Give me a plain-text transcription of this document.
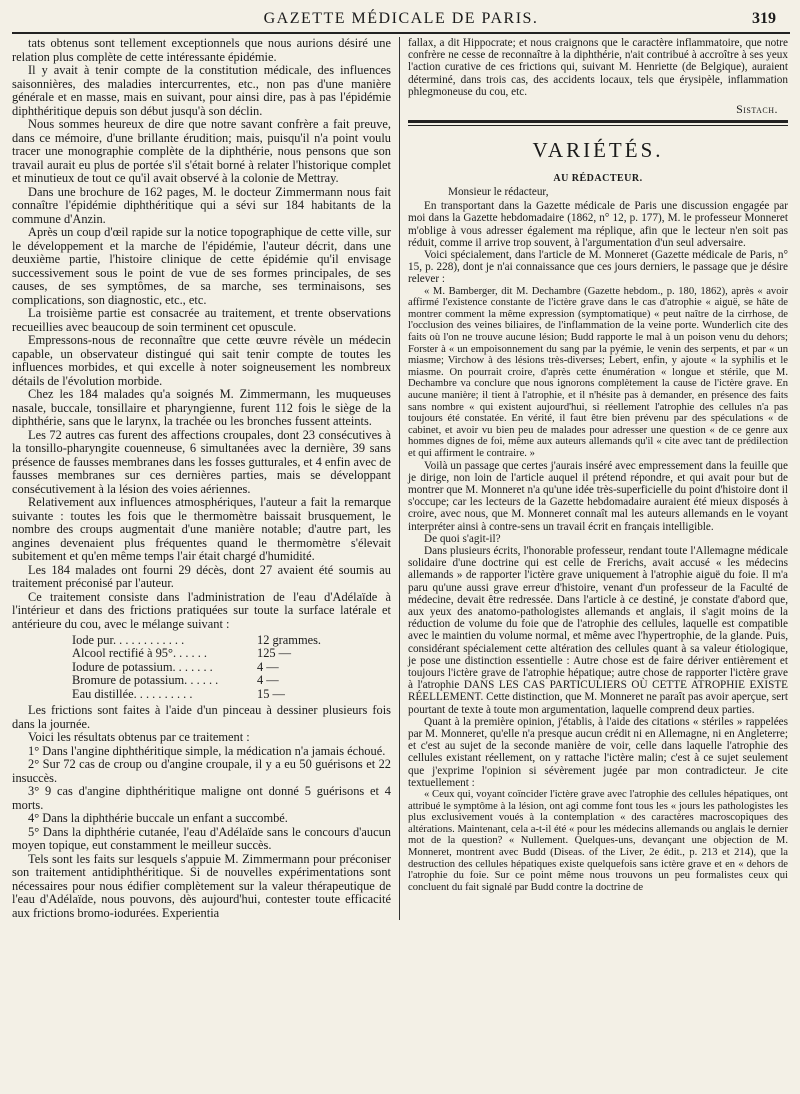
GAZETTE MÉDICALE DE PARIS.	319

tats obtenus sont tellement exceptionnels que nous aurions désiré une relation plus complète de cette intéressante épidémie.

Il y avait à tenir compte de la constitution médicale, des influences saisonnières, des maladies intercurrentes, etc., non pas d'une manière générale et en masse, mais en suivant, pour ainsi dire, pas à pas l'épidémie diphthéritique depuis son début jusqu'à son déclin.

Nous sommes heureux de dire que notre savant confrère a fait preuve, dans ce mémoire, d'une brillante érudition; mais, puisqu'il n'a point voulu tracer une monographie complète de la diphthérie, nous pensons que son travail aurait eu plus de portée s'il s'était borné à relater l'historique complet et minutieux de tout ce qu'il avait observé à la colonie de Mettray.

Dans une brochure de 162 pages, M. le docteur Zimmermann nous fait connaître l'épidémie diphthéritique qui a sévi sur 184 habitants de la commune d'Anzin.

Après un coup d'œil rapide sur la notice topographique de cette ville, sur le développement et la marche de l'épidémie, l'auteur décrit, dans une deuxième partie, l'histoire clinique de cette épidémie qu'il envisage successivement sous le point de vue de ses formes principales, de ses causes, de ses symptômes, de sa marche, ses terminaisons, ses complications, son diagnostic, etc., etc.

La troisième partie est consacrée au traitement, et trente observations recueillies avec beaucoup de soin terminent cet opuscule.

Empressons-nous de reconnaître que cette œuvre révèle un médecin capable, un observateur distingué qui sait tenir compte de toutes les influences morbides, et qui excelle à noter soigneusement les nombreux détails de l'évolution morbide.

Chez les 184 malades qu'a soignés M. Zimmermann, les muqueuses nasale, buccale, tonsillaire et pharyngienne, furent 112 fois le siège de la diphthérie, sans que le larynx, la trachée ou les bronches fussent atteints.

Les 72 autres cas furent des affections croupales, dont 23 consécutives à la tonsillo-pharyngite couenneuse, 6 simultanées avec la dernière, 39 sans présence de fausses membranes dans les fosses gutturales, et 4 enfin avec de fausses membranes sur ces dernières parties, mais se développant consécutivement à la lésion des voies aériennes.

Relativement aux influences atmosphériques, l'auteur a fait la remarque suivante : toutes les fois que le thermomètre baissait brusquement, le nombre des croups augmentait d'une manière notable; d'autre part, les angines devenaient plus fréquentes quand le thermomètre s'élevait subitement et qu'en même temps l'air était chargé d'humidité.

Les 184 malades ont fourni 29 décès, dont 27 avaient été soumis au traitement préconisé par l'auteur.

Ce traitement consiste dans l'administration de l'eau d'Adélaïde à l'intérieur et dans des frictions pratiquées sur toute la surface latérale et antérieure du cou, avec le mélange suivant :

Iode pur. . . . . . . . . . . .	12 grammes.
Alcool rectifié à 95°. . . . . .	125 —
Iodure de potassium. . . . . . .	4 —
Bromure de potassium. . . . . .	4 —
Eau distillée. . . . . . . . . .	15 —

Les frictions sont faites à l'aide d'un pinceau à dessiner plusieurs fois dans la journée.

Voici les résultats obtenus par ce traitement :

1° Dans l'angine diphthéritique simple, la médication n'a jamais échoué.

2° Sur 72 cas de croup ou d'angine croupale, il y a eu 50 guérisons et 22 insuccès.

3° 9 cas d'angine diphthéritique maligne ont donné 5 guérisons et 4 morts.

4° Dans la diphthérie buccale un enfant a succombé.

5° Dans la diphthérie cutanée, l'eau d'Adélaïde sans le concours d'aucun moyen topique, eut constamment le meilleur succès.

Tels sont les faits sur lesquels s'appuie M. Zimmermann pour préconiser son traitement antidiphthéritique. Si de nouvelles expérimentations sont nécessaires pour nous édifier complètement sur la valeur thérapeutique de l'eau d'Adélaïde, nous pouvons, dès aujourd'hui, contester toute efficacité aux frictions bromo-iodurées. Experientia

fallax, a dit Hippocrate; et nous craignons que le caractère inflammatoire, que notre confrère ne cesse de reconnaître à la diphthérie, n'ait contribué à accroître à ses yeux l'action curative de ces frictions qui, suivant M. Henriette (de Belgique), auraient déterminé, dans trois cas, des accidents locaux, tels que érysipèle, inflammation phlegmoneuse du cou, etc.

Sistach.
VARIÉTÉS.
AU RÉDACTEUR.

Monsieur le rédacteur,

En transportant dans la Gazette médicale de Paris une discussion engagée par moi dans la Gazette hebdomadaire (1862, n° 12, p. 177), M. le professeur Monneret m'oblige à vous adresser également ma réplique, afin que le lecteur n'en soit pas réduit, comme il arrive trop souvent, à l'argumentation d'un seul adversaire.

Voici spécialement, dans l'article de M. Monneret (Gazette médicale de Paris, n° 15, p. 228), dont je n'ai connaissance que ces jours derniers, le passage que je désire relever :

« M. Bamberger, dit M. Dechambre (Gazette hebdom., p. 180, 1862), après « avoir affirmé l'existence constante de l'ictère grave dans le cas d'atrophie « aiguë, se hâte de montrer comment la même expression (symptomatique) « peut naître de la cirrhose, de l'occlusion des veines biliaires, de l'inflammation de la veine porte. Wunderlich cite des faits où l'on ne trouve aucune lésion; Budd rapporte le mal à un poison venu du dehors; Forster à « un empoisonnement du sang par la pyémie, le venin des serpents, et par « un miasme; Virchow à des lésions très-diverses; Lebert, enfin, y ajoute « la syphilis et le miasme. On pourrait croire, d'après cette énumération « longue et stérile, que M. Dechambre va conclure que nous ignorons complètement la cause de l'ictère grave. En aucune manière; il tient à l'atrophie, et il n'hésite pas à demander, en présence des faits sans nombre « qui existent aujourd'hui, si réellement l'atrophie des cellules n'a pas toujours été constatée. En vérité, il faut être bien prévenu par des spéculations « de cabinet, et avoir vu bien peu de malades pour adresser une question « de ce genre aux hommes dignes de foi, même aux auteurs allemands qu'il « cite avec tant de prédilection et qui affirment le contraire. »

Voilà un passage que certes j'aurais inséré avec empressement dans la feuille que je dirige, non loin de l'article auquel il prétend répondre, et qui avait pour but de montrer que M. Monneret n'a qu'une idée très-superficielle du point d'histoire dont il s'occupe; car les lecteurs de la Gazette hebdomadaire auraient été mieux disposés à croire, avec nous, que M. Monneret connaît mal les auteurs allemands en le voyant interpréter ainsi à contre-sens un travail écrit en français intelligible.

De quoi s'agit-il?

Dans plusieurs écrits, l'honorable professeur, rendant toute l'Allemagne médicale solidaire d'une doctrine qui est celle de Frerichs, avait accusé « les médecins allemands » de rapporter l'ictère grave uniquement à l'atrophie aiguë du foie. Il m'a paru qu'une aussi grave erreur d'histoire, venant d'un professeur de la Faculté de médecine, devait être redressée. Dans l'article à ce destiné, je constate d'abord que, aux yeux des anatomo-pathologistes allemands et anglais, il s'agit moins de la réduction de volume du foie que de l'atrophie des cellules, laquelle est compatible avec le maintien du volume normal, et même avec l'hypertrophie, de la glande. Puis, considérant spécialement cette altération des cellules quant à sa valeur étiologique, je pose une distinction essentielle : Autre chose est de faire dériver entièrement et toujours l'ictère grave de l'atrophie hépatique; autre chose de rapporter l'ictère grave à l'atrophie DANS LES CAS PARTICULIERS OÙ CETTE ATROPHIE EXISTE RÉELLEMENT. Cette distinction, que M. Monneret ne paraît pas avoir aperçue, sert pourtant de texte à toute mon argumentation, laquelle comprend deux parties.

Quant à la première opinion, j'établis, à l'aide des citations « stériles » rappelées par M. Monneret, qu'elle n'a presque aucun crédit ni en Allemagne, ni en Angleterre; et c'est au sujet de la seconde manière de voir, celle dans laquelle l'atrophie des cellules existant réellement, on y rattache l'ictère malin; c'est à ce sujet seulement que j'exprime l'opinion si sévèrement jugée par mon contradicteur. Je cite textuellement :

« Ceux qui, voyant coïncider l'ictère grave avec l'atrophie des cellules hépatiques, ont attribué le symptôme à la lésion, ont agi comme font tous les « jours les pathologistes les plus exclusivement voués à la contemplation « des caractères macroscopiques des altérations. Maintenant, cela a-t-il été « pour les médecins allemands ou anglais le dernier mot de la question? « Nullement. Quelques-uns, devançant une objection de M. Monneret, montrent avec Budd (Diseas. of the Liver, 2e édit., p. 213 et 214), que la destruction des cellules hépatiques existe quelquefois sans ictère grave et en « dehors de l'atrophie du foie. Sur ce point même nous trouvons un peu formalistes ceux qui concluent du fait signalé par Budd contre la doctrine de
